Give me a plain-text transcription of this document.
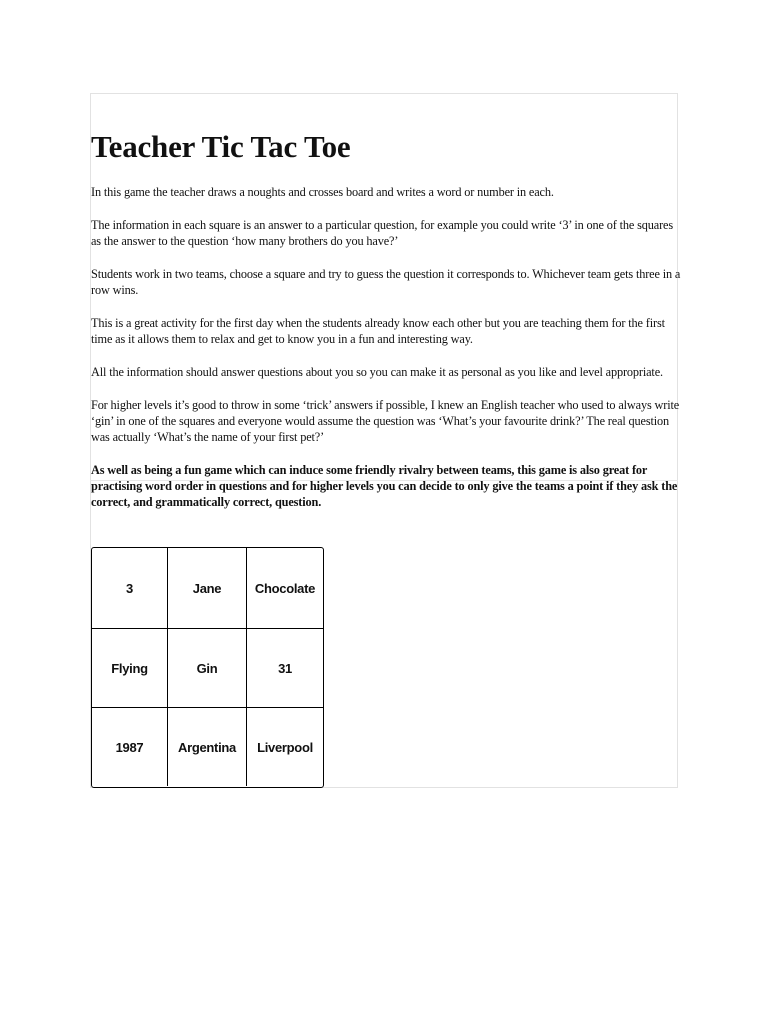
Teacher Tic Tac Toe

In this game the teacher draws a noughts and crosses board and writes a word or number in each.

The information in each square is an answer to a particular question, for example you could write ‘3’ in one of the squares as the answer to the question ‘how many brothers do you have?’

Students work in two teams, choose a square and try to guess the question it corresponds to. Whichever team gets three in a row wins.

This is a great activity for the first day when the students already know each other but you are teaching them for the first time as it allows them to relax and get to know you in a fun and interesting way.

All the information should answer questions about you so you can make it as personal as you like and level appropriate.

For higher levels it’s good to throw in some ‘trick’ answers if possible, I knew an English teacher who used to always write ‘gin’ in one of the squares and everyone would assume the question was ‘What’s your favourite drink?’ The real question was actually ‘What’s the name of your first pet?’

As well as being a fun game which can induce some friendly rivalry between teams, this game is also great for practising word order in questions and for higher levels you can decide to only give the teams a point if they ask the correct, and grammatically correct, question.

3	Jane	Chocolate
Flying	Gin	31
1987	Argentina	Liverpool
